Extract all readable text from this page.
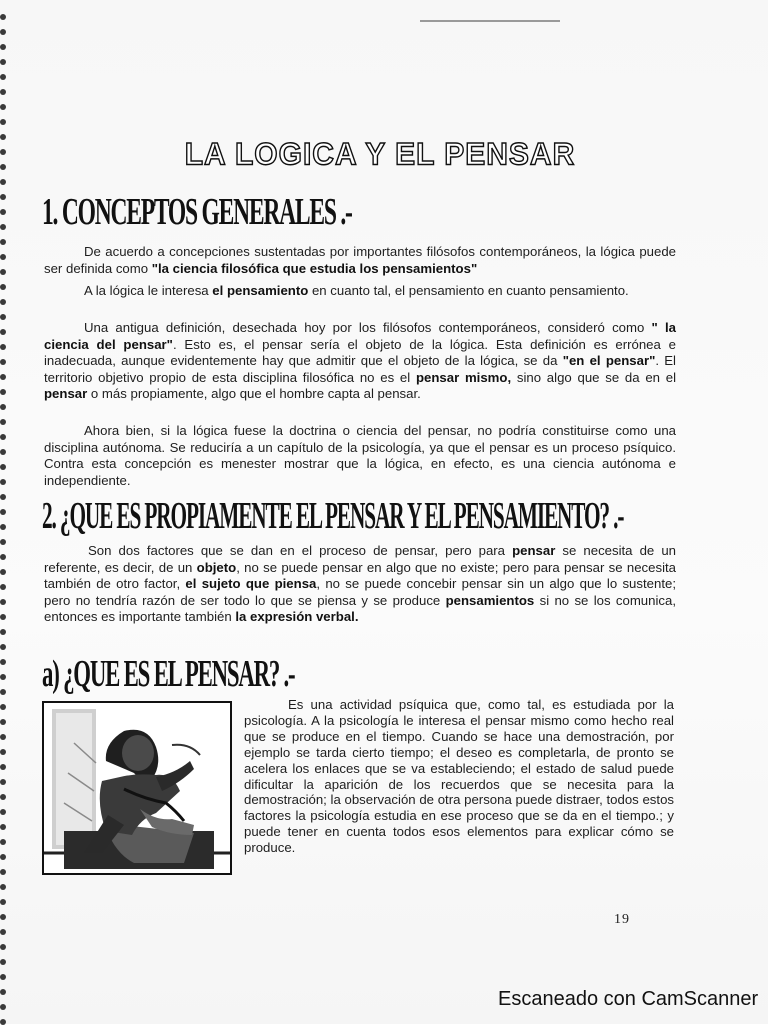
LA LOGICA Y EL PENSAR
1. CONCEPTOS GENERALES .-

De acuerdo a concepciones sustentadas por importantes filósofos contemporáneos, la lógica puede ser definida como "la ciencia filosófica que estudia los pensamientos"

A la lógica le interesa el pensamiento en cuanto tal, el pensamiento en cuanto pensamiento.

Una antigua definición, desechada hoy por los filósofos contemporáneos, consideró como " la ciencia del pensar". Esto es, el pensar sería el objeto de la lógica. Esta definición es errónea e inadecuada, aunque evidentemente hay que admitir que el objeto de la lógica, se da "en el pensar". El territorio objetivo propio de esta disciplina filosófica no es el pensar mismo, sino algo que se da en el pensar o más propiamente, algo que el hombre capta al pensar.

Ahora bien, si la lógica fuese la doctrina o ciencia del pensar, no podría constituirse como una disciplina autónoma. Se reduciría a un capítulo de la psicología, ya que el pensar es un proceso psíquico. Contra esta concepción es menester mostrar que la lógica, en efecto, es una ciencia autónoma e independiente.

2. ¿QUE ES PROPIAMENTE EL PENSAR Y EL PENSAMIENTO? .-

Son dos factores que se dan en el proceso de pensar, pero para pensar se necesita de un referente, es decir, de un objeto, no se puede pensar en algo que no existe; pero para pensar se necesita también de otro factor, el sujeto que piensa, no se puede concebir pensar sin un algo que lo sustente; pero no tendría razón de ser todo lo que se piensa y se produce pensamientos si no se los comunica, entonces es importante también la expresión verbal.

a) ¿QUE ES EL PENSAR? .-

Es una actividad psíquica que, como tal, es estudiada por la psicología. A la psicología le interesa el pensar mismo como hecho real que se produce en el tiempo. Cuando se hace una demostración, por ejemplo se tarda cierto tiempo; el deseo es completarla, de pronto se acelera los enlaces que se va estableciendo; el estado de salud puede dificultar la aparición de los recuerdos que se necesita para la demostración; la observación de otra persona puede distraer, todos estos factores la psicología estudia en ese proceso que se da en el tiempo.; y puede tener en cuenta todos esos elementos para explicar cómo se produce.

19
Escaneado con CamScanner
